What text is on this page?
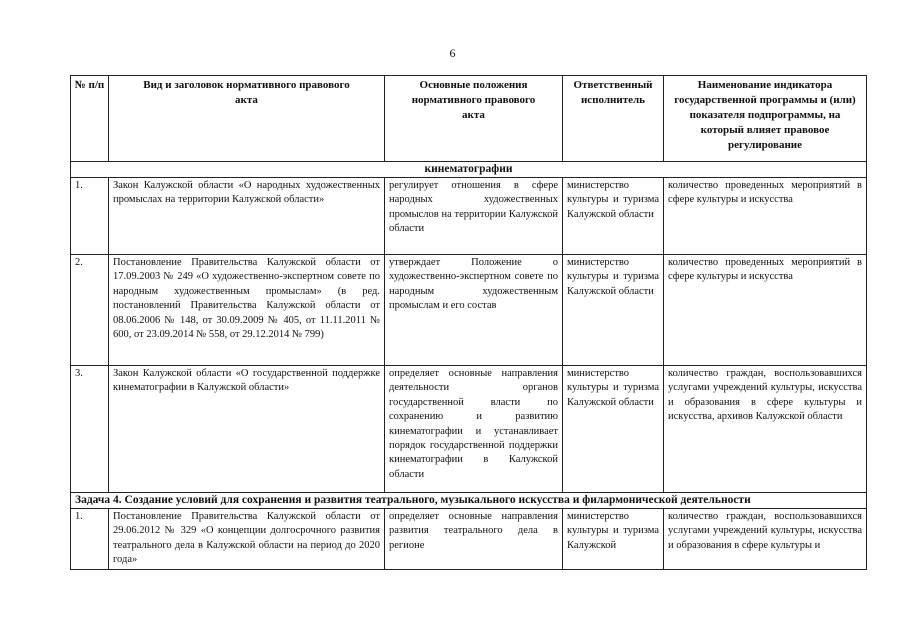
6
№ п/п	Вид и заголовок нормативного правового акта	Основные положения нормативного правового акта	Ответственный исполнитель	Наименование индикатора государственной программы и (или) показателя подпрограммы, на который влияет правовое регулирование
кинематографии				
1.	Закон Калужской области «О народных художественных промыслах на территории Калужской области»	регулирует отношения в сфере народных художественных промыслов на территории Калужской области	министерство культуры и туризма Калужской области	количество проведенных мероприятий в сфере культуры и искусства
2.	Постановление Правительства Калужской области от 17.09.2003 № 249 «О художественно-экспертном совете по народным художественным промыслам» (в ред. постановлений Правительства Калужской области от 08.06.2006 № 148, от 30.09.2009 № 405, от 11.11.2011 № 600, от 23.09.2014 № 558, от 29.12.2014 № 799)	утверждает Положение о художественно-экспертном совете по народным художественным промыслам и его состав	министерство культуры и туризма Калужской области	количество проведенных мероприятий в сфере культуры и искусства
3.	Закон Калужской области «О государственной поддержке кинематографии в Калужской области»	определяет основные направления деятельности органов государственной власти по сохранению и развитию кинематографии и устанавливает порядок государственной поддержки кинематографии в Калужской области	министерство культуры и туризма Калужской области	количество граждан, воспользовавшихся услугами учреждений культуры, искусства и образования в сфере культуры и искусства, архивов Калужской области
Задача 4. Создание условий для сохранения и развития театрального, музыкального искусства и филармонической деятельности				
1.	Постановление Правительства Калужской области от 29.06.2012 № 329 «О концепции долгосрочного развития театрального дела в Калужской области на период до 2020 года»	определяет основные направления развития театрального дела в регионе	министерство культуры и туризма Калужской	количество граждан, воспользовавшихся услугами учреждений культуры, искусства и образования в сфере культуры и
